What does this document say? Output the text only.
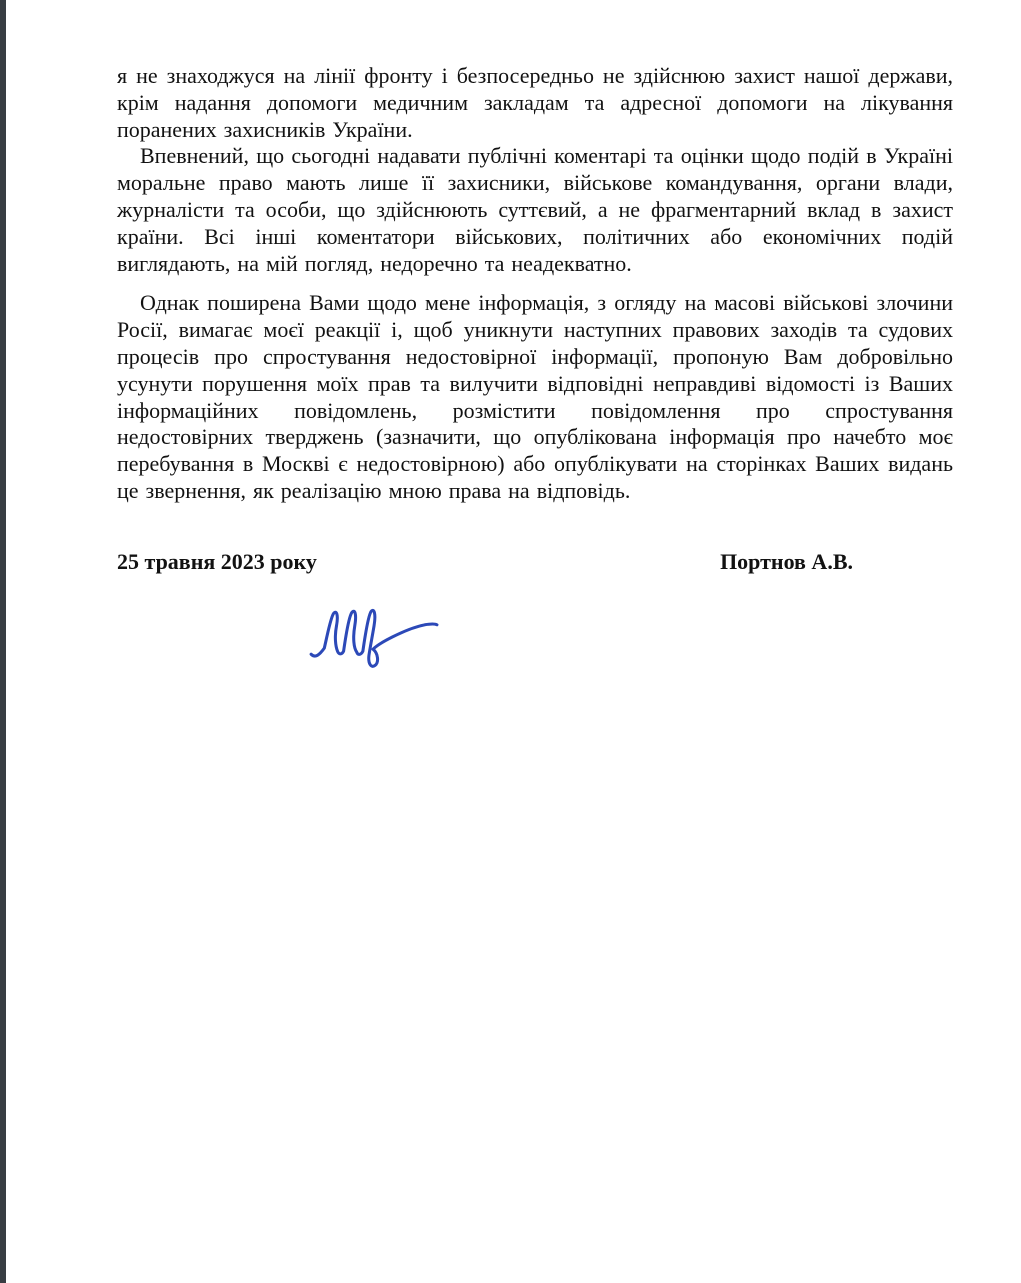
я не знаходжуся на лінії фронту і безпосередньо не здійснюю захист нашої держави, крім надання допомоги медичним закладам та адресної допомоги на лікування поранених захисників України.

Впевнений, що сьогодні надавати публічні коментарі та оцінки щодо подій в Україні моральне право мають лише її захисники, військове командування, органи влади, журналісти та особи, що здійснюють суттєвий, а не фрагментарний вклад в захист країни. Всі інші коментатори військових, політичних або економічних подій виглядають, на мій погляд, недоречно та неадекватно.

Однак поширена Вами щодо мене інформація, з огляду на масові військові злочини Росії, вимагає моєї реакції і, щоб уникнути наступних правових заходів та судових процесів про спростування недостовірної інформації, пропоную Вам добровільно усунути порушення моїх прав та вилучити відповідні неправдиві відомості із Ваших інформаційних повідомлень, розмістити повідомлення про спростування недостовірних тверджень (зазначити, що опублікована інформація про начебто моє перебування в Москві є недостовірною) або опублікувати на сторінках Ваших видань це звернення, як реалізацію мною права на відповідь.

25 травня 2023 року	Портнов А.В.
